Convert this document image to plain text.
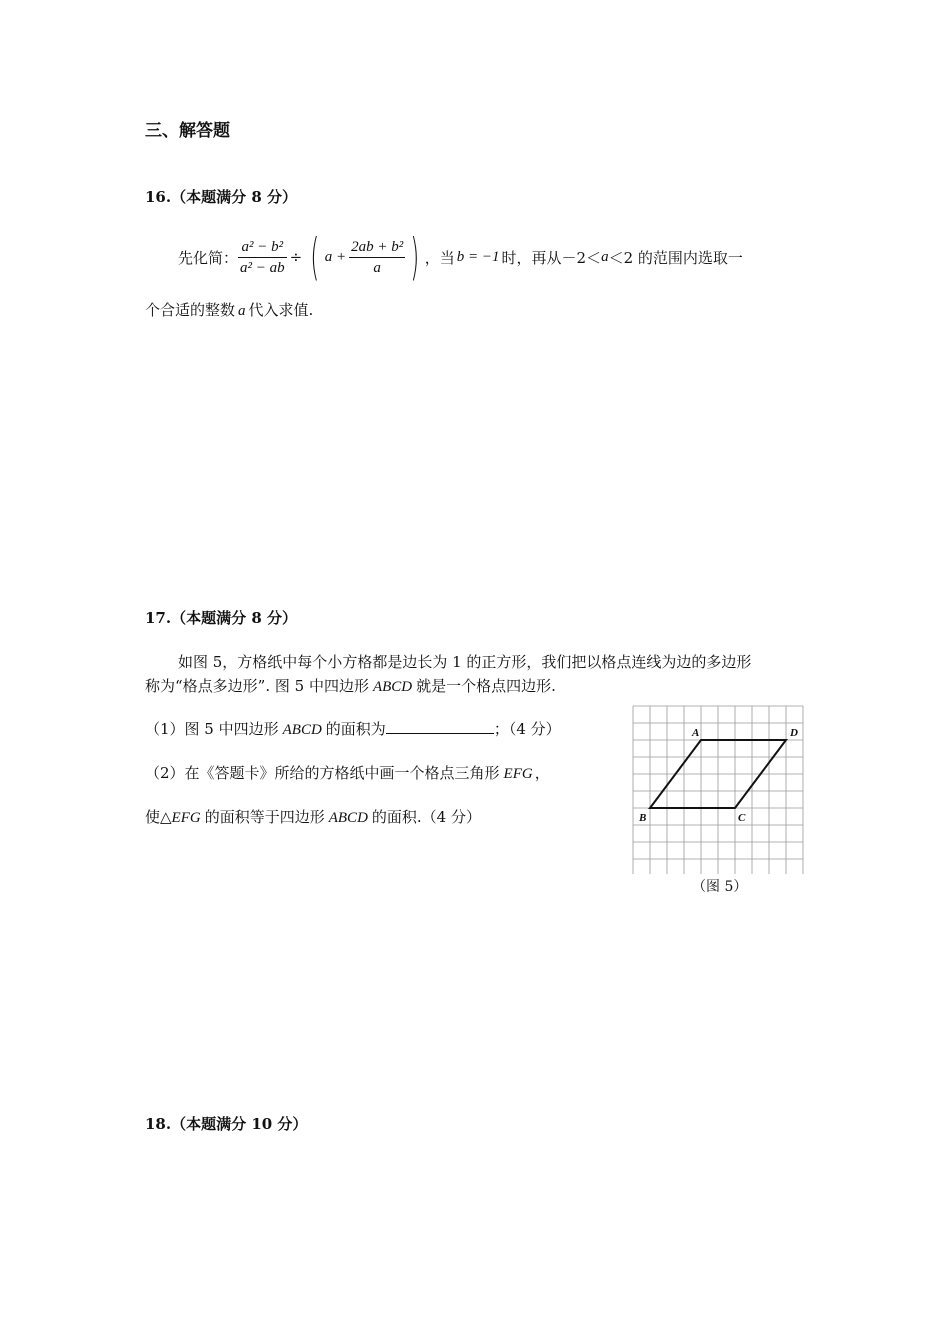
三、解答题
16.（本题满分 8 分）
先化简： $\frac{\text{a² − b²}}{\text{a² − ab}}$ ÷ ( $a + \frac{\text{2ab + b²}}{a}$ ) ，当 b = −1 时，再从－2＜ a ＜2 的范围内选取一
个合适的整数 a 代入求值.
17.（本题满分 8 分）
如图 5，方格纸中每个小方格都是边长为 1 的正方形，我们把以格点连线为边的多边形
称为“格点多边形”. 图 5 中四边形 ABCD 就是一个格点四边形.
（1）图 5 中四边形 ABCD 的面积为	；（4 分）
（2）在《答题卡》所给的方格纸中画一个格点三角形 EFG ，
使△EFG 的面积等于四边形 ABCD 的面积.（4 分）
A	D
C
B
（图 5）
18.（本题满分 10 分）
